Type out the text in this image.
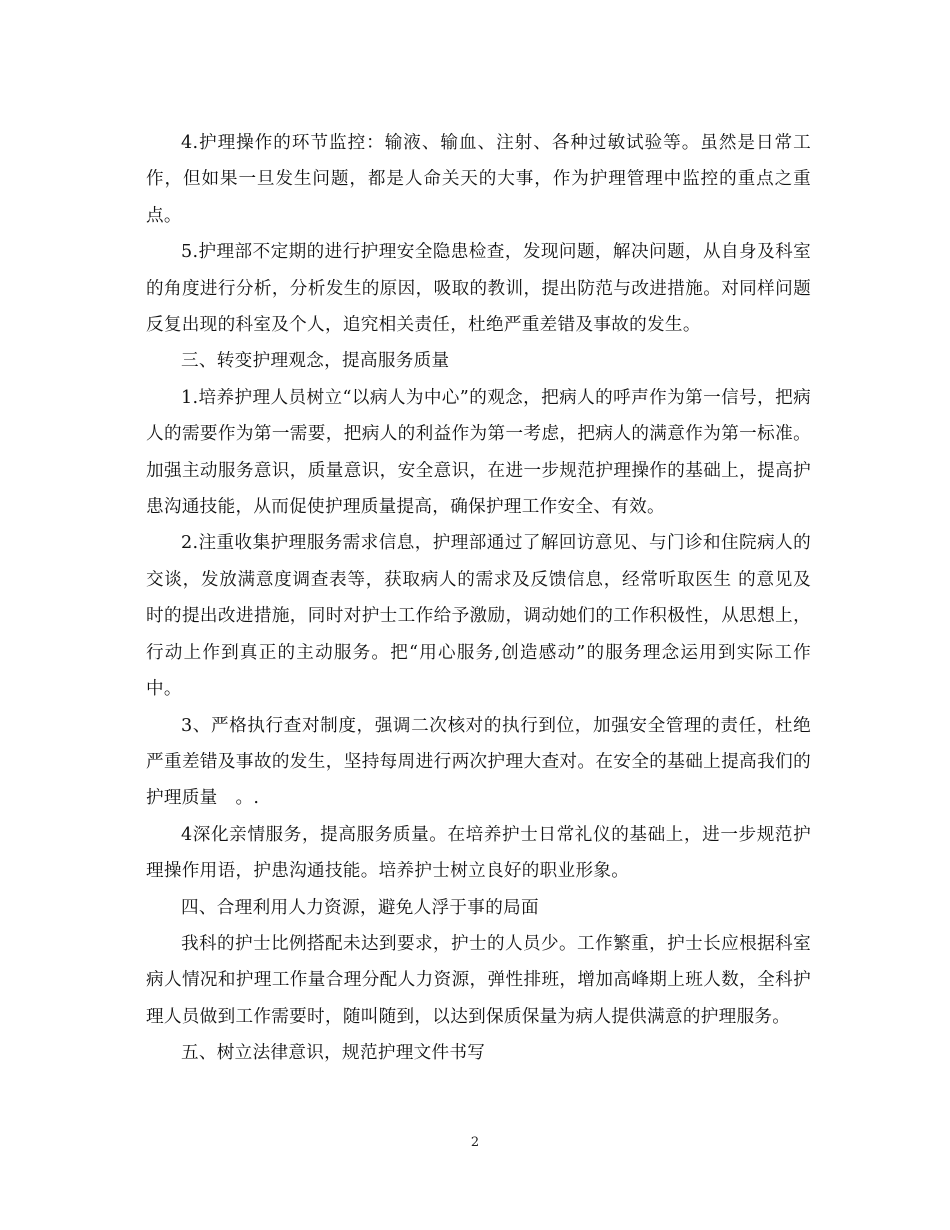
4.护理操作的环节监控：输液、输血、注射、各种过敏试验等。虽然是日常工作，但如果一旦发生问题，都是人命关天的大事，作为护理管理中监控的重点之重点。

5.护理部不定期的进行护理安全隐患检查，发现问题，解决问题，从自身及科室的角度进行分析，分析发生的原因，吸取的教训，提出防范与改进措施。对同样问题反复出现的科室及个人，追究相关责任，杜绝严重差错及事故的发生。

三、转变护理观念，提高服务质量

1.培养护理人员树立“以病人为中心”的观念，把病人的呼声作为第一信号，把病人的需要作为第一需要，把病人的利益作为第一考虑，把病人的满意作为第一标准。加强主动服务意识，质量意识，安全意识，在进一步规范护理操作的基础上，提高护患沟通技能，从而促使护理质量提高，确保护理工作安全、有效。

2.注重收集护理服务需求信息，护理部通过了解回访意见、与门诊和住院病人的交谈，发放满意度调查表等，获取病人的需求及反馈信息，经常听取医生 的意见及时的提出改进措施，同时对护士工作给予激励，调动她们的工作积极性，从思想上，行动上作到真正的主动服务。把“用心服务,创造感动”的服务理念运用到实际工作中。

3、严格执行查对制度，强调二次核对的执行到位，加强安全管理的责任，杜绝严重差错及事故的发生，坚持每周进行两次护理大查对。在安全的基础上提高我们的护理质量　。.

4深化亲情服务，提高服务质量。在培养护士日常礼仪的基础上，进一步规范护理操作用语，护患沟通技能。培养护士树立良好的职业形象。

四、合理利用人力资源，避免人浮于事的局面

我科的护士比例搭配未达到要求，护士的人员少。工作繁重，护士长应根据科室病人情况和护理工作量合理分配人力资源，弹性排班，增加高峰期上班人数，全科护理人员做到工作需要时，随叫随到，以达到保质保量为病人提供满意的护理服务。

五、树立法律意识，规范护理文件书写

2
